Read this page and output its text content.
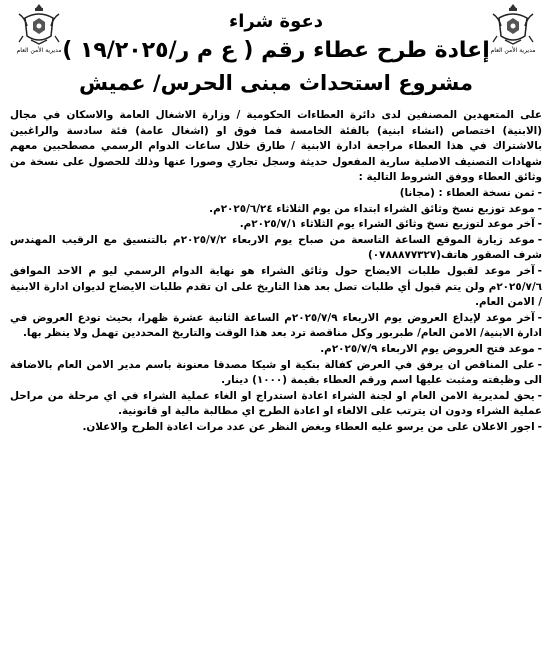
مديرية الأمن العام
مديرية الأمن العام
دعوة شراء
إعادة طرح عطاء رقم ( ع م ر/١٩/٢٠٢٥ )
مشروع استحداث مبنى الحرس/ عميش

على المتعهدين المصنفين لدى دائرة العطاءات الحكومية / وزارة الاشغال العامة والاسكان في مجال (الابنية) اختصاص (انشاء ابنية) بالفئة الخامسة فما فوق او (اشغال عامة) فئة سادسة والراغبين بالاشتراك في هذا العطاء مراجعة ادارة الابنية / طارق خلال ساعات الدوام الرسمي مصطحبين معهم شهادات التصنيف الاصلية سارية المفعول حديثة وسجل تجاري وصورا عنها وذلك للحصول على نسخة من وثائق العطاء ووفق الشروط التالية :

-ثمن نسخة العطاء : (مجانا)

-موعد توزيع نسخ وثائق الشراء ابتداء من يوم الثلاثاء ٢٠٢٥/٦/٢٤م.

-آخر موعد لتوزيع نسخ وثائق الشراء يوم الثلاثاء ٢٠٢٥/٧/١م.

-موعد زيارة الموقع الساعة التاسعة من صباح يوم الاربعاء ٢٠٢٥/٧/٢م بالتنسيق مع الرقيب المهندس شرف الصقور هاتف(٠٧٨٨٨٧٧٣٢٧)

-آخر موعد لقبول طلبات الايضاح حول وثائق الشراء هو نهاية الدوام الرسمي ليو م الاحد الموافق ٢٠٢٥/٧/٦م ولن يتم قبول أي طلبات تصل بعد هذا التاريخ على ان تقدم طلبات الايضاح لديوان ادارة الابنية / الامن العام.

-آخر موعد لإيداع العروض يوم الاربعاء ٢٠٢٥/٧/٩م الساعة الثانية عشرة ظهرا، بحيث تودع العروض في ادارة الابنية/ الامن العام/ طبربور وكل مناقصة ترد بعد هذا الوقت والتاريخ المحددين تهمل ولا ينظر بها.

-موعد فتح العروض يوم الاربعاء ٢٠٢٥/٧/٩م.

-على المناقص ان يرفق في العرض كفالة بنكية او شيكا مصدقا معنونة باسم مدير الامن العام بالاضافة الى وظيفته ومثبت عليها اسم ورقم العطاء بقيمة (١٠٠٠) دينار.

-يحق لمديرية الامن العام او لجنة الشراء اعادة استدراج او الغاء عملية الشراء في اي مرحلة من مراحل عملية الشراء ودون ان يترتب على الالغاء او اعادة الطرح اي مطالبة مالية او قانونية.

-اجور الاعلان على من يرسو عليه العطاء وبغض النظر عن عدد مرات اعادة الطرح والاعلان.
